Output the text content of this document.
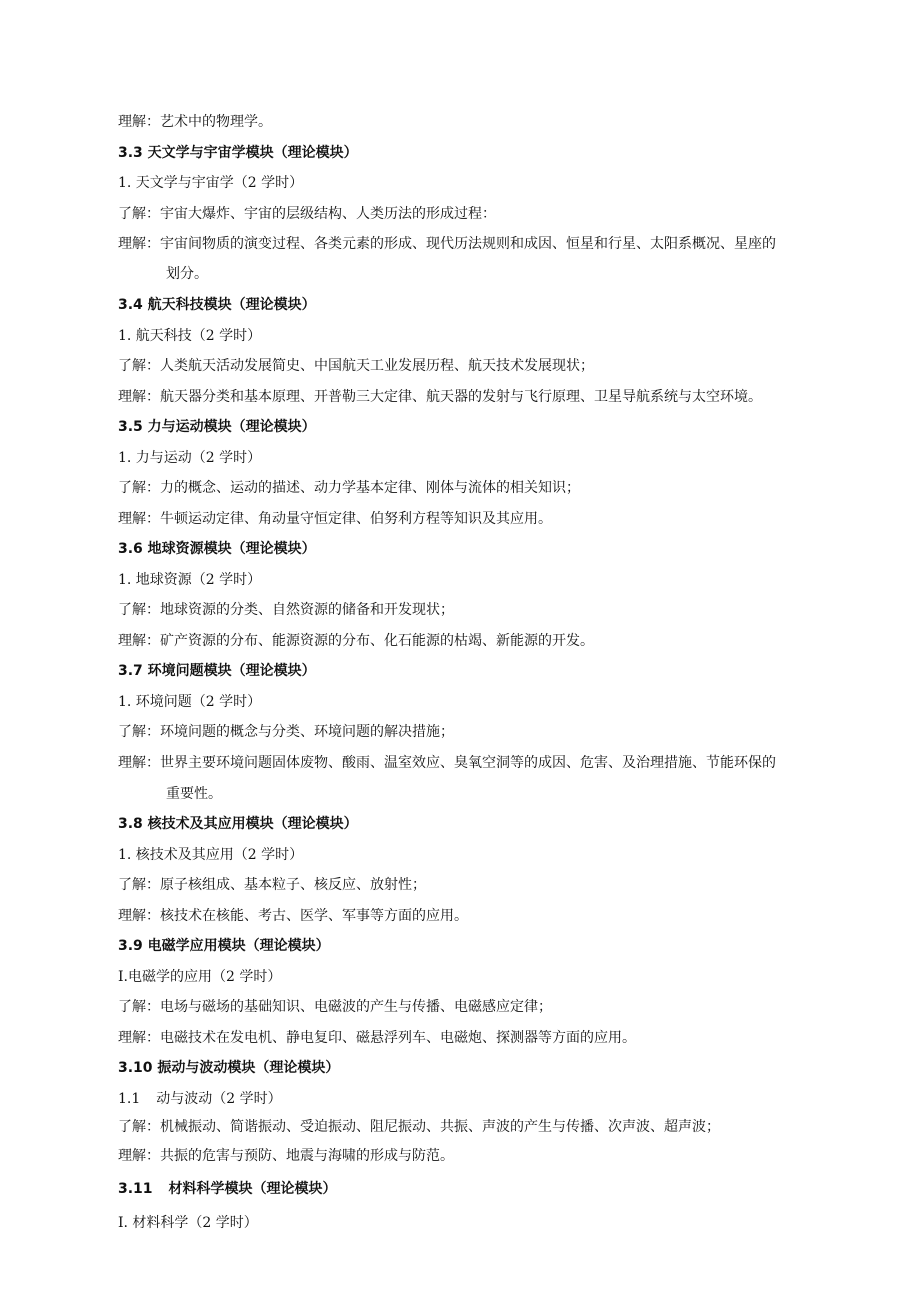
理解：艺术中的物理学。
3.3 天文学与宇宙学模块（理论模块）
1. 天文学与宇宙学（2 学时）
了解：宇宙大爆炸、宇宙的层级结构、人类历法的形成过程：
理解：宇宙间物质的演变过程、各类元素的形成、现代历法规则和成因、恒星和行星、太阳系概况、星座的
划分。
3.4 航天科技模块（理论模块）
1. 航天科技（2 学时）
了解：人类航天活动发展简史、中国航天工业发展历程、航天技术发展现状；
理解：航天器分类和基本原理、开普勒三大定律、航天器的发射与飞行原理、卫星导航系统与太空环境。
3.5 力与运动模块（理论模块）
1. 力与运动（2 学时）
了解：力的概念、运动的描述、动力学基本定律、刚体与流体的相关知识；
理解：牛顿运动定律、角动量守恒定律、伯努利方程等知识及其应用。
3.6 地球资源模块（理论模块）
1. 地球资源（2 学时）
了解：地球资源的分类、自然资源的储备和开发现状；
理解：矿产资源的分布、能源资源的分布、化石能源的枯竭、新能源的开发。
3.7 环境问题模块（理论模块）
1. 环境问题（2 学时）
了解：环境问题的概念与分类、环境问题的解决措施；
理解：世界主要环境问题固体废物、酸雨、温室效应、臭氧空洞等的成因、危害、及治理措施、节能环保的
重要性。
3.8 核技术及其应用模块（理论模块）
1. 核技术及其应用（2 学时）
了解：原子核组成、基本粒子、核反应、放射性；
理解：核技术在核能、考古、医学、军事等方面的应用。
3.9 电磁学应用模块（理论模块）
I.电磁学的应用（2 学时）
了解：电场与磁场的基础知识、电磁波的产生与传播、电磁感应定律；
理解：电磁技术在发电机、静电复印、磁悬浮列车、电磁炮、探测器等方面的应用。
3.10 振动与波动模块（理论模块）
1.1 动与波动（2 学时）
了解：机械振动、简谐振动、受迫振动、阻尼振动、共振、声波的产生与传播、次声波、超声波；
理解：共振的危害与预防、地震与海啸的形成与防范。
3.11 材料科学模块（理论模块）
I. 材料科学（2 学时）
